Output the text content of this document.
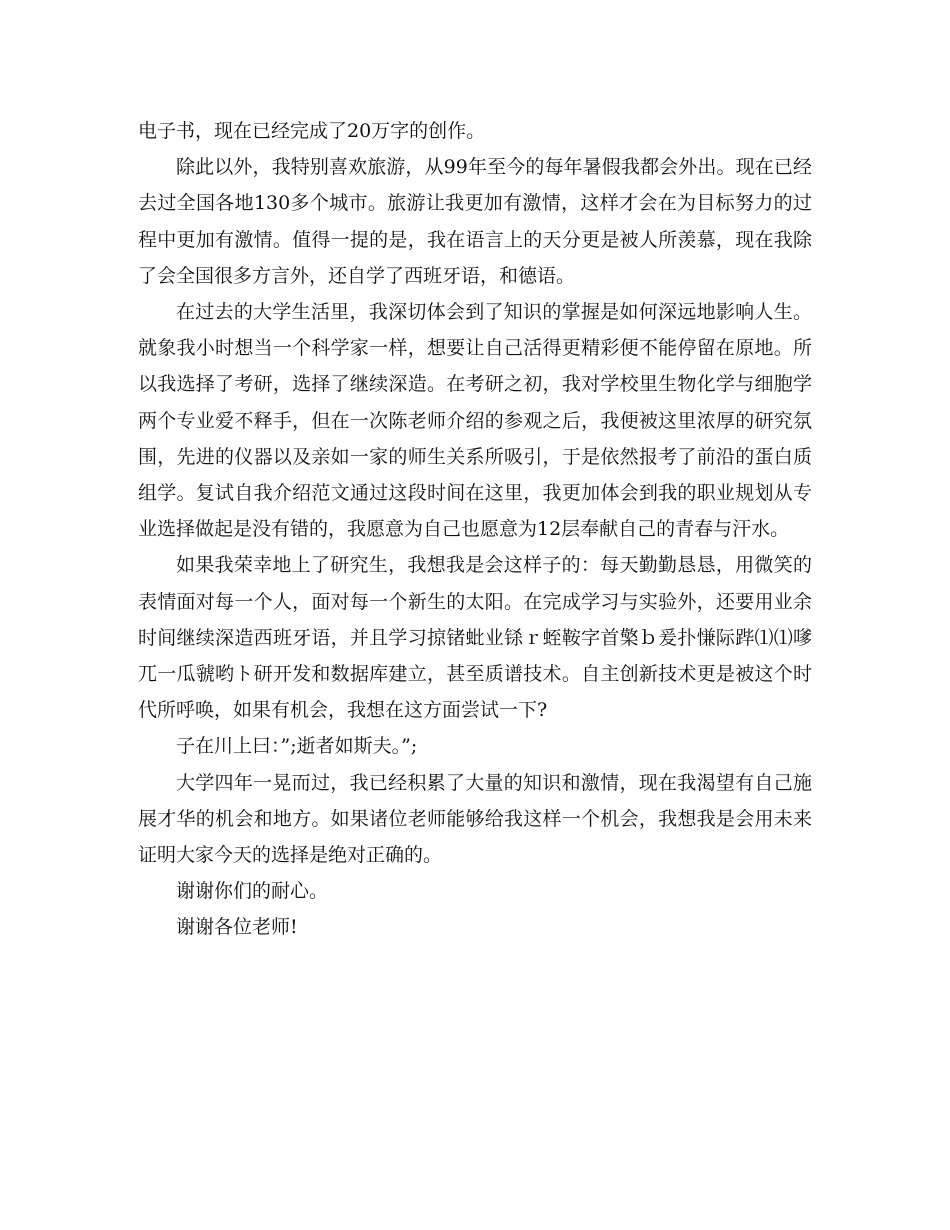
电子书，现在已经完成了20万字的创作。

除此以外，我特别喜欢旅游，从99年至今的每年暑假我都会外出。现在已经去过全国各地130多个城市。旅游让我更加有激情，这样才会在为目标努力的过程中更加有激情。值得一提的是，我在语言上的天分更是被人所羡慕，现在我除了会全国很多方言外，还自学了西班牙语，和德语。

在过去的大学生活里，我深切体会到了知识的掌握是如何深远地影响人生。就象我小时想当一个科学家一样，想要让自己活得更精彩便不能停留在原地。所以我选择了考研，选择了继续深造。在考研之初，我对学校里生物化学与细胞学两个专业爱不释手，但在一次陈老师介绍的参观之后，我便被这里浓厚的研究氛围，先进的仪器以及亲如一家的师生关系所吸引，于是依然报考了前沿的蛋白质组学。复试自我介绍范文通过这段时间在这里，我更加体会到我的职业规划从专业选择做起是没有错的，我愿意为自己也愿意为12层奉献自己的青春与汗水。

如果我荣幸地上了研究生，我想我是会这样子的：每天勤勤恳恳，用微笑的表情面对每一个人，面对每一个新生的太阳。在完成学习与实验外，还要用业余时间继续深造西班牙语，并且学习掠锗蚍业铩ｒ蛭鞍字首檠ｂ爰扑慊际跸⑴⑴嗲兀一瓜虢哟ト研开发和数据库建立，甚至质谱技术。自主创新技术更是被这个时代所呼唤，如果有机会，我想在这方面尝试一下?

子在川上曰：”;逝者如斯夫。”;

大学四年一晃而过，我已经积累了大量的知识和激情，现在我渴望有自己施展才华的机会和地方。如果诸位老师能够给我这样一个机会，我想我是会用未来证明大家今天的选择是绝对正确的。

谢谢你们的耐心。

谢谢各位老师!
